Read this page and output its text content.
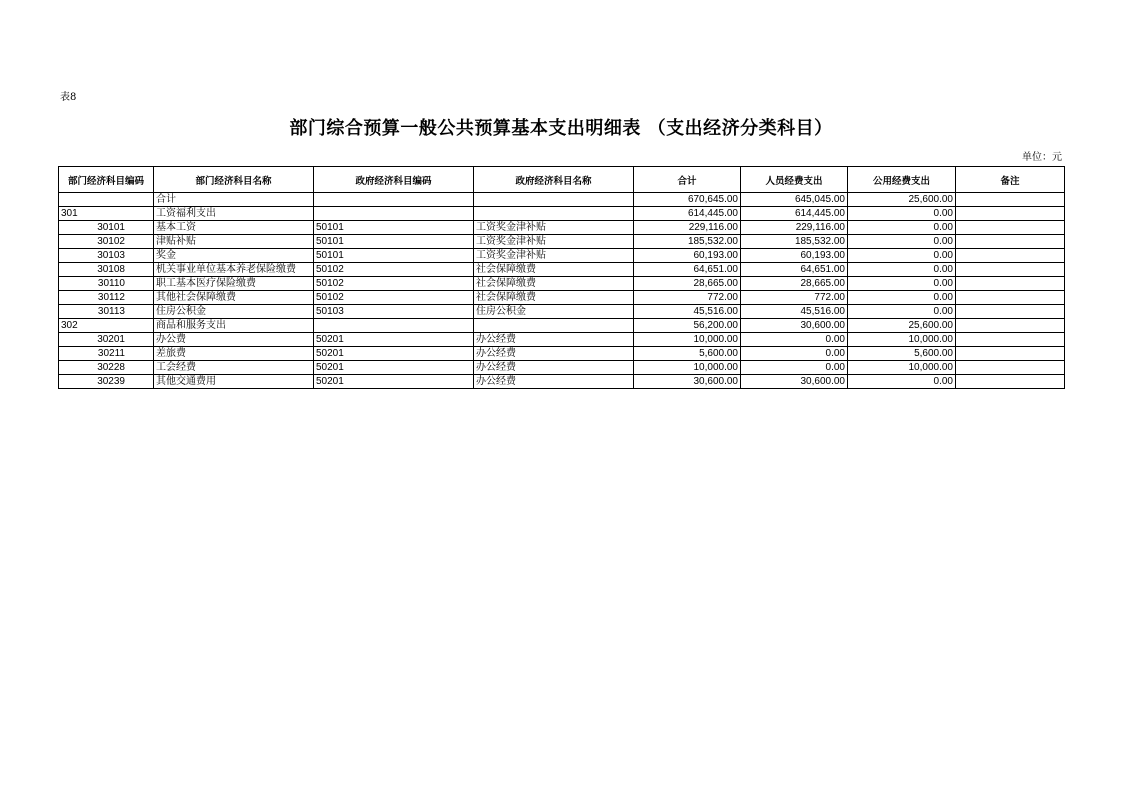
表8
部门综合预算一般公共预算基本支出明细表 （支出经济分类科目）
单位：元
部门经济科目编码	部门经济科目名称	政府经济科目编码	政府经济科目名称	合计	人员经费支出	公用经费支出	备注
	合计			670,645.00	645,045.00	25,600.00	
301	工资福利支出			614,445.00	614,445.00	0.00	
30101	基本工资	50101	工资奖金津补贴	229,116.00	229,116.00	0.00	
30102	津贴补贴	50101	工资奖金津补贴	185,532.00	185,532.00	0.00	
30103	奖金	50101	工资奖金津补贴	60,193.00	60,193.00	0.00	
30108	机关事业单位基本养老保险缴费	50102	社会保障缴费	64,651.00	64,651.00	0.00	
30110	职工基本医疗保险缴费	50102	社会保障缴费	28,665.00	28,665.00	0.00	
30112	其他社会保障缴费	50102	社会保障缴费	772.00	772.00	0.00	
30113	住房公积金	50103	住房公积金	45,516.00	45,516.00	0.00	
302	商品和服务支出			56,200.00	30,600.00	25,600.00	
30201	办公费	50201	办公经费	10,000.00	0.00	10,000.00	
30211	差旅费	50201	办公经费	5,600.00	0.00	5,600.00	
30228	工会经费	50201	办公经费	10,000.00	0.00	10,000.00	
30239	其他交通费用	50201	办公经费	30,600.00	30,600.00	0.00	
